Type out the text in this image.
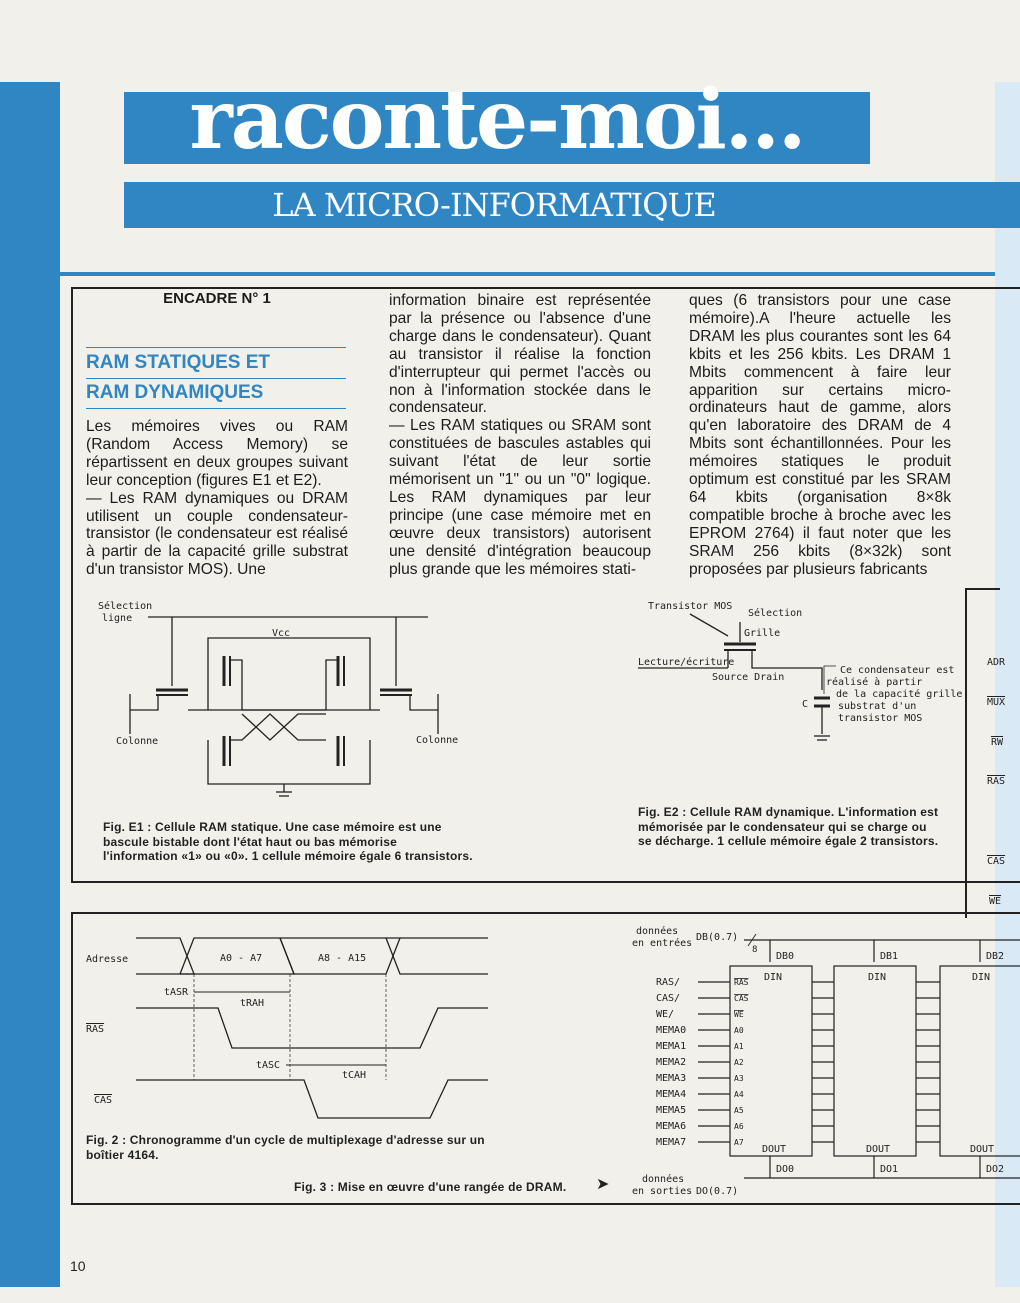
raconte-moi...
LA MICRO-INFORMATIQUE
ENCADRE N° 1
RAM STATIQUES ET
RAM DYNAMIQUES
Les mémoires vives ou RAM (Random Access Memory) se répartissent en deux groupes suivant leur conception (figures E1 et E2).
— Les RAM dynamiques ou DRAM utilisent un couple condensateur-transistor (le condensateur est réalisé à partir de la capacité grille substrat d'un transistor MOS). Une
information binaire est représentée par la présence ou l'absence d'une charge dans le condensateur). Quant au transistor il réalise la fonction d'interrupteur qui permet l'accès ou non à l'information stockée dans le condensateur.
— Les RAM statiques ou SRAM sont constituées de bascules astables qui suivant l'état de leur sortie mémorisent un "1" ou un "0" logique. Les RAM dynamiques par leur principe (une case mémoire met en œuvre deux transistors) autorisent une densité d'intégration beaucoup plus grande que les mémoires stati-
ques (6 transistors pour une case mémoire).A l'heure actuelle les DRAM les plus courantes sont les 64 kbits et les 256 kbits. Les DRAM 1 Mbits commencent à faire leur apparition sur certains micro-ordinateurs haut de gamme, alors qu'en laboratoire des DRAM de 4 Mbits sont échantillonnées. Pour les mémoires statiques le produit optimum est constitué par les SRAM 64 kbits (organisation 8×8k compatible broche à broche avec les EPROM 2764) il faut noter que les SRAM 256 kbits (8×32k) sont proposées par plusieurs fabricants
Sélection
ligne
Colonne	Colonne
Vcc
Fig. E1 : Cellule RAM statique. Une case mémoire est une bascule bistable dont l'état haut ou bas mémorise l'information «1» ou «0». 1 cellule mémoire égale 6 transistors.
Transistor MOS
Sélection
Grille
Lecture/écriture
Source Drain
C
Ce condensateur est
réalisé à partir
de la capacité grille
substrat d'un
transistor MOS
Fig. E2 : Cellule RAM dynamique. L'information est mémorisée par le condensateur qui se charge ou se décharge. 1 cellule mémoire égale 2 transistors.
ADR
$\overline{MUX}$
$\overline{RW}$
$\overline{RAS}$
$\overline{CAS}$
$\overline{WE}$
Adresse	A0 - A7	A8 - A15
tASR
tRAH
RAS
tASC
tCAH
CAS
Fig. 2 : Chronogramme d'un cycle de multiplexage d'adresse sur un boîtier 4164.
Fig. 3 : Mise en œuvre d'une rangée de DRAM. ➤
données
en entrées
DB(0.7)
8
DB0	DB1	DB2
DIN	DIN	DIN
DOUT	DOUT	DOUT
DO0	DO1	DO2
données
en sorties DO(0.7)
RAS/	RAS
CAS/	CAS
WE/	WE
MEMA0	A0
MEMA1	A1
MEMA2	A2
MEMA3	A3
MEMA4	A4
MEMA5	A5
MEMA6	A6
MEMA7	A7
10
